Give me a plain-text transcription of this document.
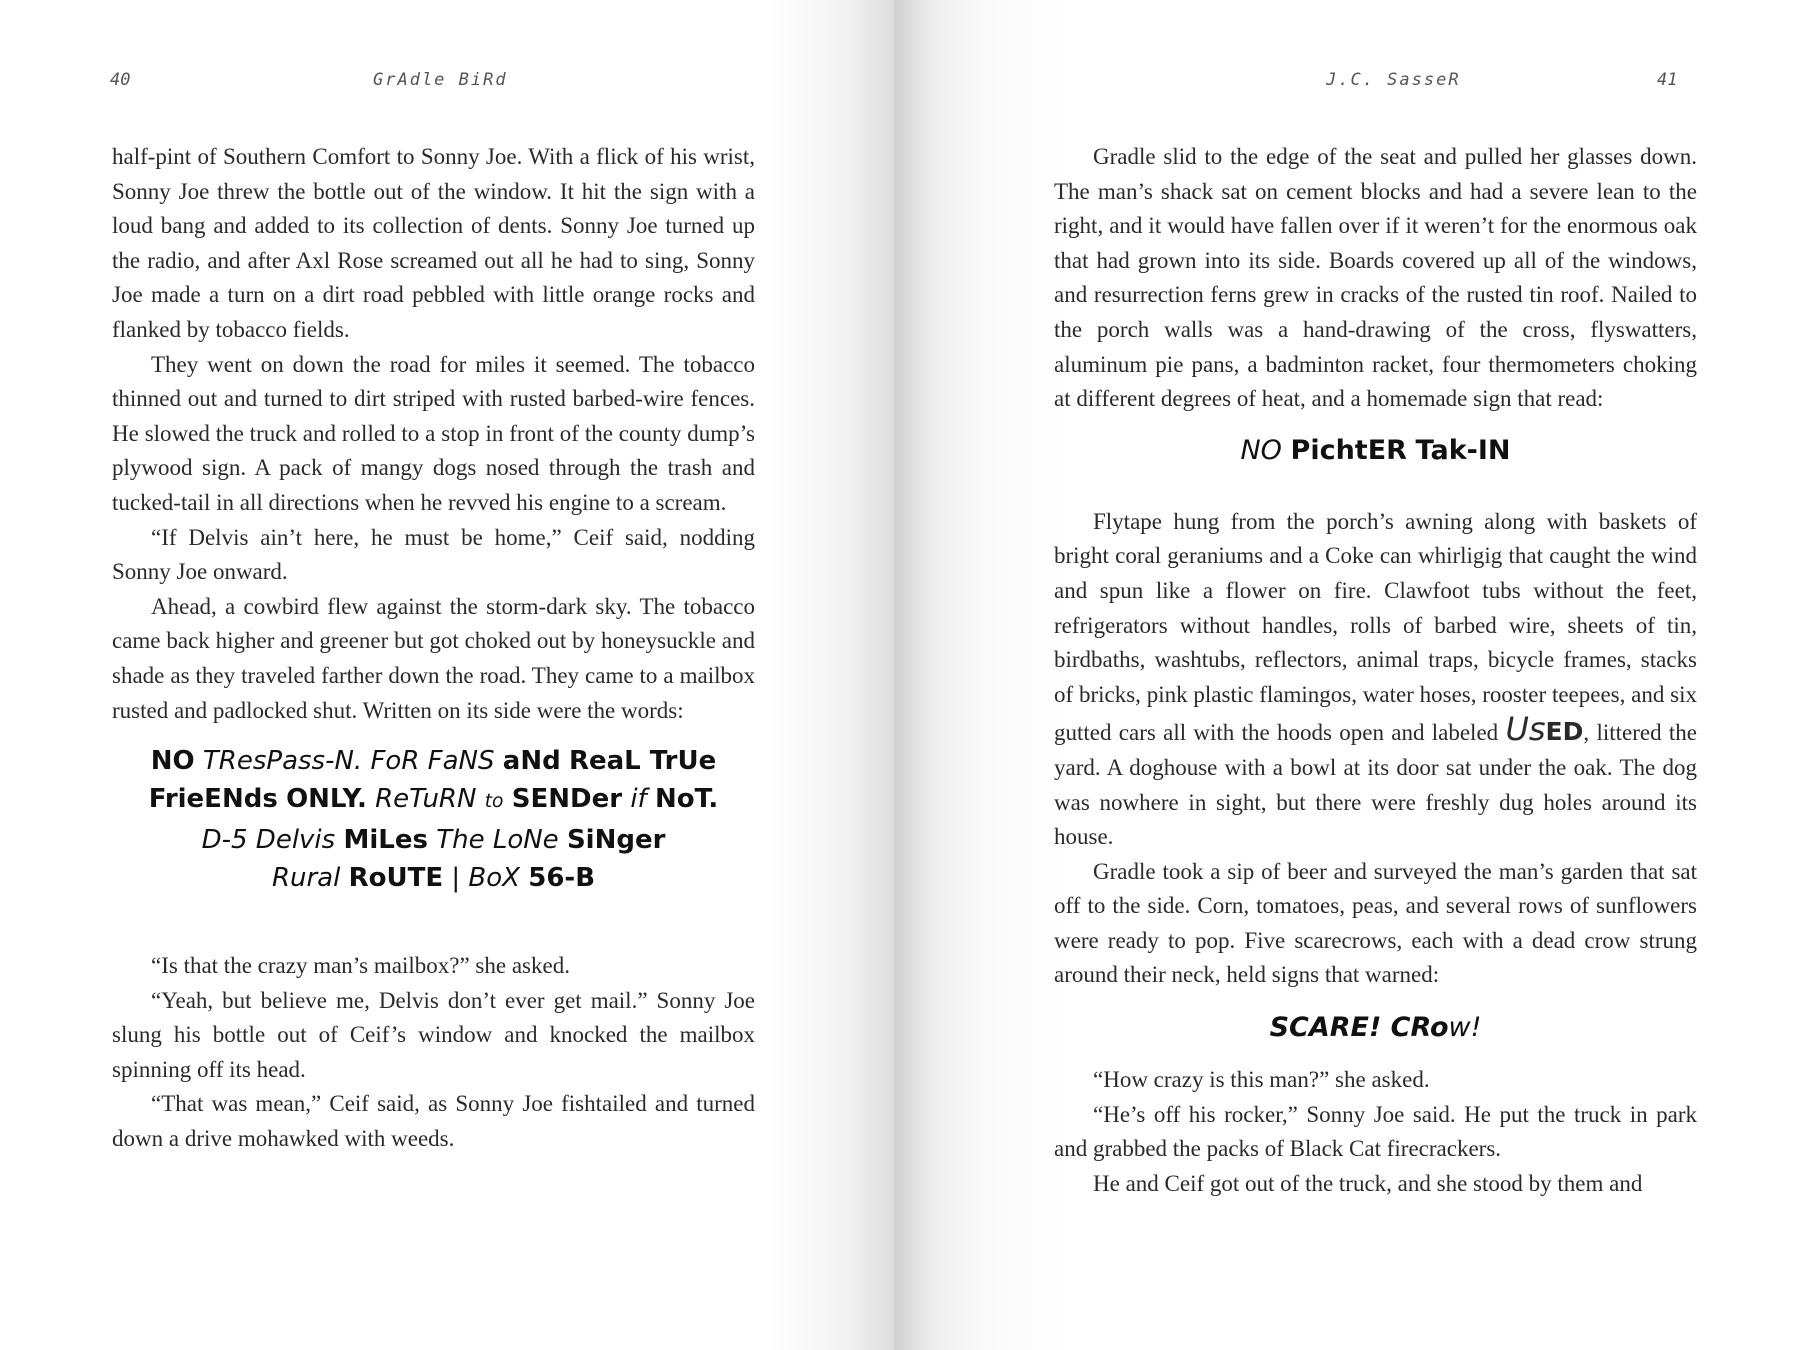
40	GrAdle BiRd

half-pint of Southern Comfort to Sonny Joe. With a flick of his wrist, Sonny Joe threw the bottle out of the window. It hit the sign with a loud bang and added to its collection of dents. Sonny Joe turned up the radio, and after Axl Rose screamed out all he had to sing, Sonny Joe made a turn on a dirt road pebbled with little orange rocks and flanked by tobacco fields.

They went on down the road for miles it seemed. The tobacco thinned out and turned to dirt striped with rusted barbed-wire fences. He slowed the truck and rolled to a stop in front of the county dump’s plywood sign. A pack of mangy dogs nosed through the trash and tucked-tail in all directions when he revved his engine to a scream.

“If Delvis ain’t here, he must be home,” Ceif said, nodding Sonny Joe onward.

Ahead, a cowbird flew against the storm-dark sky. The tobacco came back higher and greener but got choked out by honeysuckle and shade as they traveled farther down the road. They came to a mailbox rusted and padlocked shut. Written on its side were the words:

NO TResPass-N. FoR FaNS aNd ReaL TrUe
FrieENds ONLY. ReTuRN to SENDer if NoT.
D-5 Delvis MiLes The LoNe SiNger
Rural RoUTE | BoX 56-B

“Is that the crazy man’s mailbox?” she asked.

“Yeah, but believe me, Delvis don’t ever get mail.” Sonny Joe slung his bottle out of Ceif’s window and knocked the mailbox spinning off its head.

“That was mean,” Ceif said, as Sonny Joe fishtailed and turned down a drive mohawked with weeds.

J.C. SasseR	41

Gradle slid to the edge of the seat and pulled her glasses down. The man’s shack sat on cement blocks and had a severe lean to the right, and it would have fallen over if it weren’t for the enormous oak that had grown into its side. Boards covered up all of the windows, and resurrection ferns grew in cracks of the rusted tin roof. Nailed to the porch walls was a hand-drawing of the cross, flyswatters, aluminum pie pans, a badminton racket, four thermometers choking at different degrees of heat, and a homemade sign that read:

NO PichtER Tak-IN

Flytape hung from the porch’s awning along with baskets of bright coral geraniums and a Coke can whirligig that caught the wind and spun like a flower on fire. Clawfoot tubs without the feet, refrigerators without handles, rolls of barbed wire, sheets of tin, birdbaths, washtubs, reflectors, animal traps, bicycle frames, stacks of bricks, pink plastic flamingos, water hoses, rooster teepees, and six gutted cars all with the hoods open and labeled UsED, littered the yard. A doghouse with a bowl at its door sat under the oak. The dog was nowhere in sight, but there were freshly dug holes around its house.

Gradle took a sip of beer and surveyed the man’s garden that sat off to the side. Corn, tomatoes, peas, and several rows of sunflowers were ready to pop. Five scarecrows, each with a dead crow strung around their neck, held signs that warned:

SCARE! CRow!

“How crazy is this man?” she asked.

“He’s off his rocker,” Sonny Joe said. He put the truck in park and grabbed the packs of Black Cat firecrackers.

He and Ceif got out of the truck, and she stood by them and
